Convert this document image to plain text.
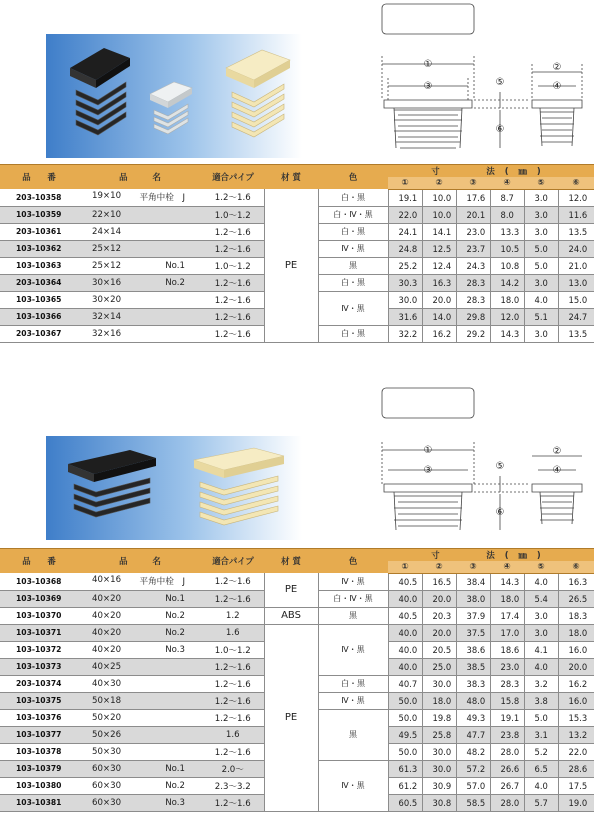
①
③
②
④
⑤
⑥
品　　番	品　　　名	適合パイプ	材 質	色	寸　　法(㎜)					
					①	②	③	④	⑤	⑥
203-10358	19×10 平角中栓　J	1.2～1.6	PE	白・黒	19.1	10.0	17.6	8.7	3.0	12.0
103-10359	22×10	1.0～1.2		白・Ⅳ・黒	22.0	10.0	20.1	8.0	3.0	11.6
203-10361	24×14	1.2～1.6		白・黒	24.1	14.1	23.0	13.3	3.0	13.5
103-10362	25×12	1.2～1.6		Ⅳ・黒	24.8	12.5	23.7	10.5	5.0	24.0
103-10363	25×12 No.1	1.0～1.2		黒	25.2	12.4	24.3	10.8	5.0	21.0
203-10364	30×16 No.2	1.2～1.6		白・黒	30.3	16.3	28.3	14.2	3.0	13.0
103-10365	30×20	1.2～1.6		Ⅳ・黒	30.0	20.0	28.3	18.0	4.0	15.0
103-10366	32×14	1.2～1.6			31.6	14.0	29.8	12.0	5.1	24.7
203-10367	32×16	1.2～1.6		白・黒	32.2	16.2	29.2	14.3	3.0	13.5
①
③
②
④
⑤
⑥
品　　番	品　　　名	適合パイプ	材 質	色	寸　　法(㎜)					
					①	②	③	④	⑤	⑥
103-10368	40×16 平角中栓　J	1.2～1.6	PE	Ⅳ・黒	40.5	16.5	38.4	14.3	4.0	16.3
103-10369	40×20 No.1	1.2～1.6		白・Ⅳ・黒	40.0	20.0	38.0	18.0	5.4	26.5
103-10370	40×20 No.2	1.2	ABS	黒	40.5	20.3	37.9	17.4	3.0	18.3
103-10371	40×20 No.2	1.6	PE	Ⅳ・黒	40.0	20.0	37.5	17.0	3.0	18.0
103-10372	40×20 No.3	1.0～1.2			40.0	20.5	38.6	18.6	4.1	16.0
103-10373	40×25	1.2～1.6			40.0	25.0	38.5	23.0	4.0	20.0
203-10374	40×30	1.2～1.6		白・黒	40.7	30.0	38.3	28.3	3.2	16.2
103-10375	50×18	1.2～1.6		Ⅳ・黒	50.0	18.0	48.0	15.8	3.8	16.0
103-10376	50×20	1.2～1.6		黒	50.0	19.8	49.3	19.1	5.0	15.3
103-10377	50×26	1.6			49.5	25.8	47.7	23.8	3.1	13.2
103-10378	50×30	1.2～1.6			50.0	30.0	48.2	28.0	5.2	22.0
103-10379	60×30 No.1	2.0～		Ⅳ・黒	61.3	30.0	57.2	26.6	6.5	28.6
103-10380	60×30 No.2	2.3～3.2			61.2	30.9	57.0	26.7	4.0	17.5
103-10381	60×30 No.3	1.2～1.6			60.5	30.8	58.5	28.0	5.7	19.0
